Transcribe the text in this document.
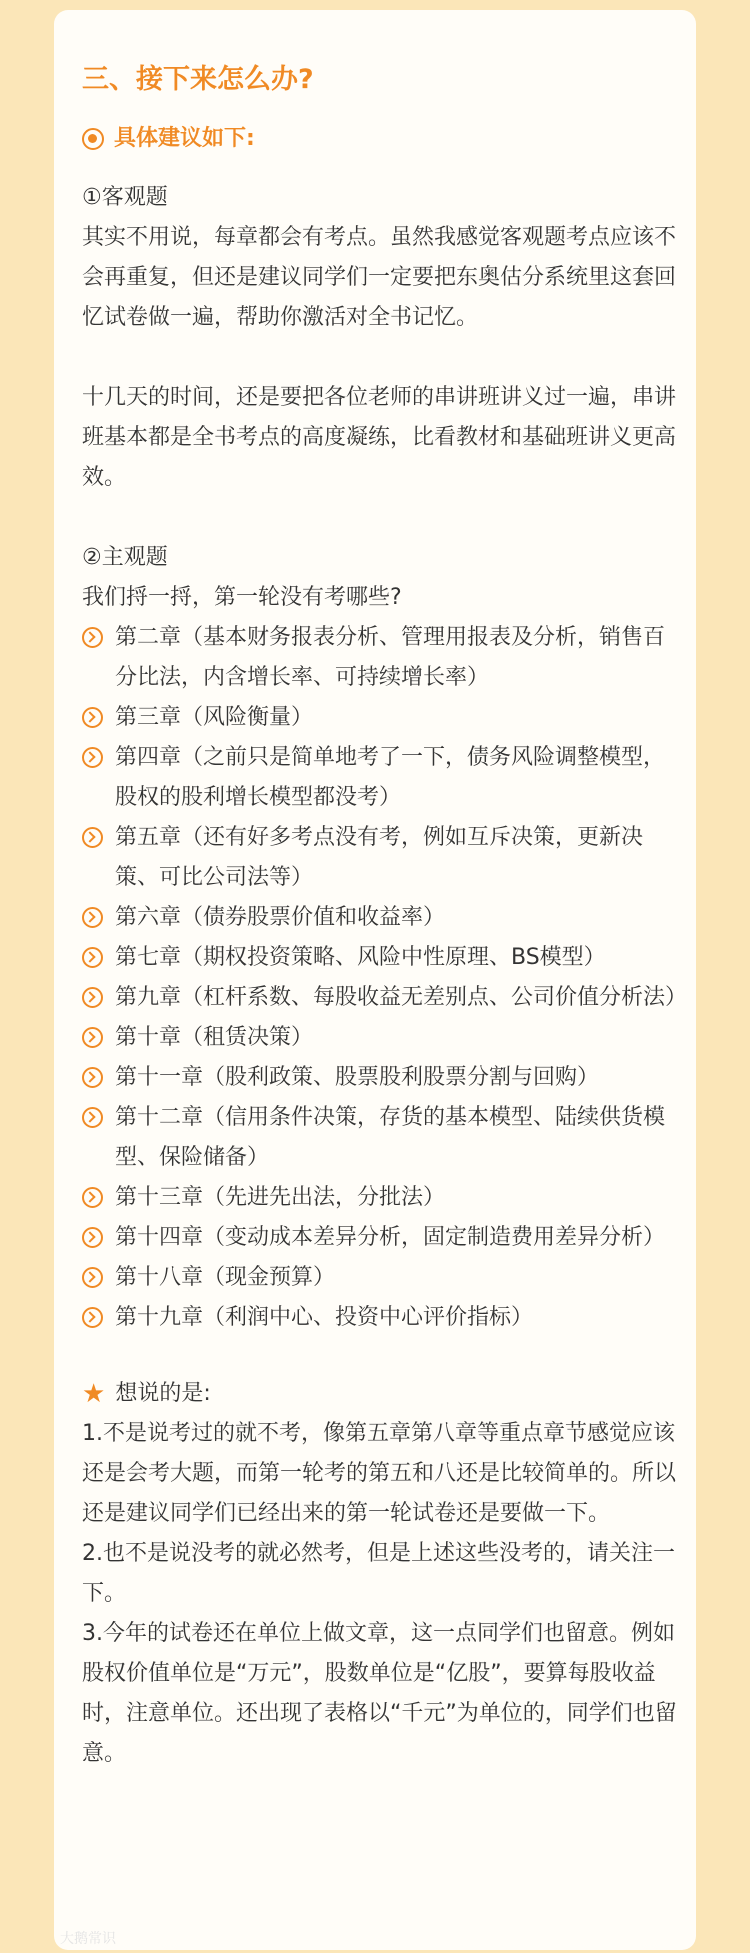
三、接下来怎么办?
具体建议如下:

①客观题

其实不用说，每章都会有考点。虽然我感觉客观题考点应该不会再重复，但还是建议同学们一定要把东奥估分系统里这套回忆试卷做一遍，帮助你激活对全书记忆。

十几天的时间，还是要把各位老师的串讲班讲义过一遍，串讲班基本都是全书考点的高度凝练，比看教材和基础班讲义更高效。

②主观题

我们捋一捋，第一轮没有考哪些?

第二章（基本财务报表分析、管理用报表及分析，销售百分比法，内含增长率、可持续增长率）
第三章（风险衡量）
第四章（之前只是简单地考了一下，债务风险调整模型，股权的股利增长模型都没考）
第五章（还有好多考点没有考，例如互斥决策，更新决策、可比公司法等）
第六章（债券股票价值和收益率）
第七章（期权投资策略、风险中性原理、BS模型）
第九章（杠杆系数、每股收益无差别点、公司价值分析法）
第十章（租赁决策）
第十一章（股利政策、股票股利股票分割与回购）
第十二章（信用条件决策，存货的基本模型、陆续供货模型、保险储备）
第十三章（先进先出法，分批法）
第十四章（变动成本差异分析，固定制造费用差异分析）
第十八章（现金预算）
第十九章（利润中心、投资中心评价指标）
★ 想说的是:

1.不是说考过的就不考，像第五章第八章等重点章节感觉应该还是会考大题，而第一轮考的第五和八还是比较简单的。所以还是建议同学们已经出来的第一轮试卷还是要做一下。

2.也不是说没考的就必然考，但是上述这些没考的，请关注一下。

3.今年的试卷还在单位上做文章，这一点同学们也留意。例如股权价值单位是“万元”，股数单位是“亿股”，要算每股收益时，注意单位。还出现了表格以“千元”为单位的，同学们也留意。

大鹅常识
